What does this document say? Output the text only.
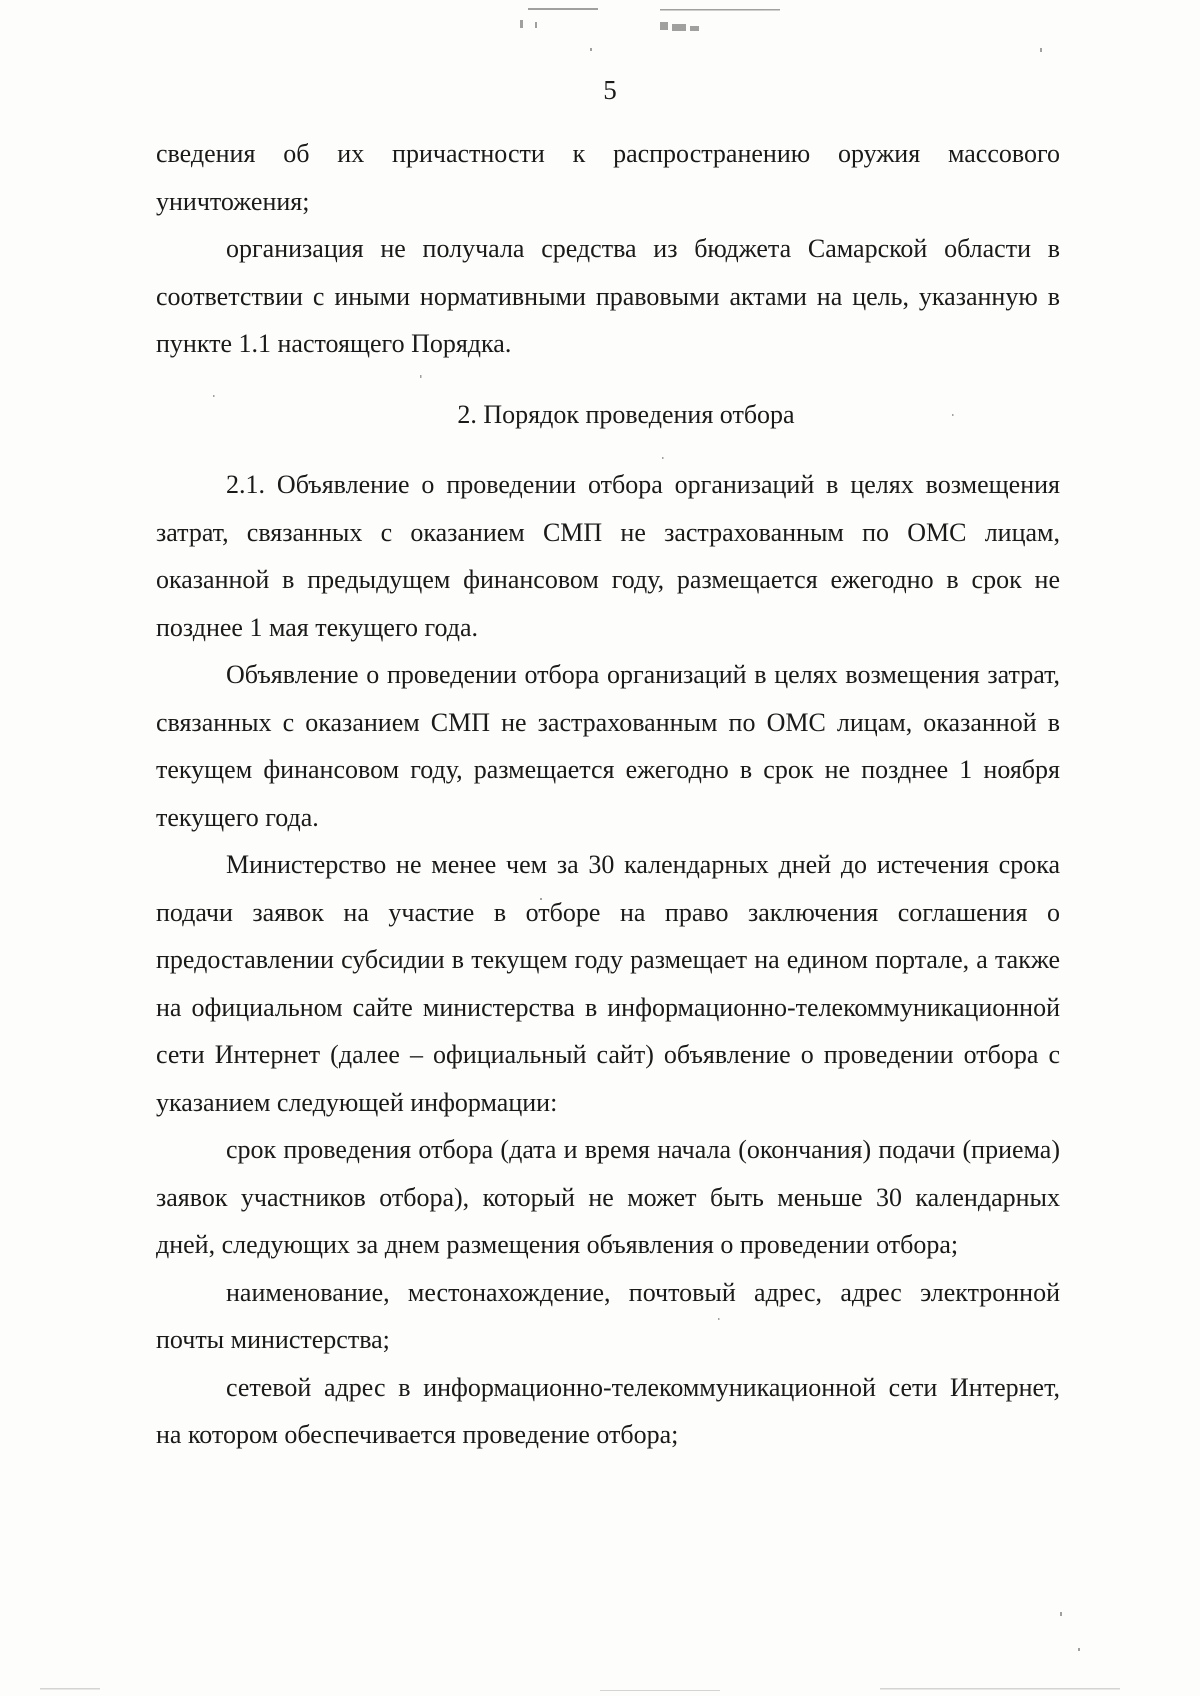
5

сведения об их причастности к распространению оружия массового уничтожения;

организация не получала средства из бюджета Самарской области в соответствии с иными нормативными правовыми актами на цель, указанную в пункте 1.1 настоящего Порядка.

2. Порядок проведения отбора

2.1. Объявление о проведении отбора организаций в целях возмещения затрат, связанных с оказанием СМП не застрахованным по ОМС лицам, оказанной в предыдущем финансовом году, размещается ежегодно в срок не позднее 1 мая текущего года.

Объявление о проведении отбора организаций в целях возмещения затрат, связанных с оказанием СМП не застрахованным по ОМС лицам, оказанной в текущем финансовом году, размещается ежегодно в срок не позднее 1 ноября текущего года.

Министерство не менее чем за 30 календарных дней до истечения срока подачи заявок на участие в отборе на право заключения соглашения о предоставлении субсидии в текущем году размещает на едином портале, а также на официальном сайте министерства в информационно-телекоммуникационной сети Интернет (далее – официальный сайт) объявление о проведении отбора с указанием следующей информации:

срок проведения отбора (дата и время начала (окончания) подачи (приема) заявок участников отбора), который не может быть меньше 30 календарных дней, следующих за днем размещения объявления о проведении отбора;

наименование, местонахождение, почтовый адрес, адрес электронной почты министерства;

сетевой адрес в информационно-телекоммуникационной сети Интернет, на котором обеспечивается проведение отбора;
